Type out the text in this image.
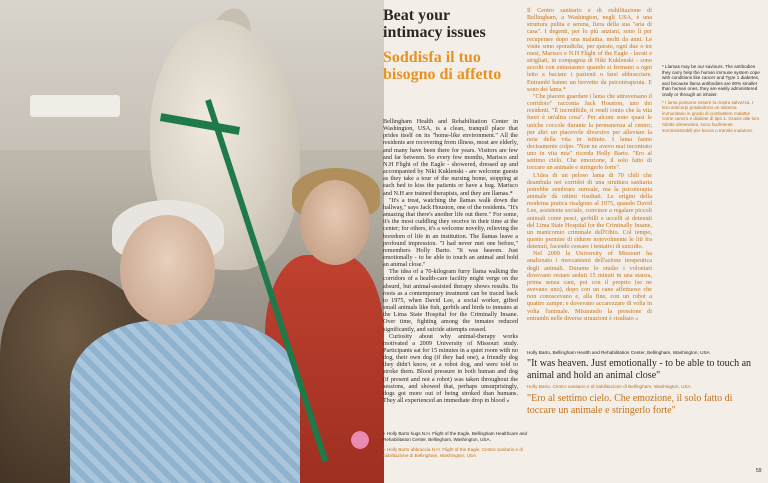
Beat your intimacy issues
Soddisfa il tuo bisogno di affetto

Bellingham Health and Rehabilitation Center in Washington, USA, is a clean, tranquil place that prides itself on its "home-like environment." All the residents are recovering from illness, most are elderly, and many have been there for years. Visitors are few and far between. So every few months, Marisco and N.H Flight of the Eagle - showered, dressed up and accompanied by Niki Kuklenski - are welcome guests as they take a tour of the nursing home, stopping at each bed to kiss the patients or have a hug. Marisco and N.H are trained therapists, and they are llamas.*

"It's a treat, watching the llamas walk down the hallway," says Jack Houston, one of the residents. "It's amazing that there's another life out there." For some, it's the most cuddling they receive in their time at the center; for others, it's a welcome novelty, relieving the boredom of life in an institution. The llamas leave a profound impression. "I had never met one before," remembers Holly Barto. "It was heaven. Just emotionally - to be able to touch an animal and hold an animal close."

The idea of a 70-kilogram furry llama walking the corridors of a health-care facility might verge on the absurd, but animal-assisted therapy shows results. Its roots as a contemporary treatment can be traced back to 1975, when David Lee, a social worker, gifted small animals like fish, gerbils and birds to inmates at the Lima State Hospital for the Criminally Insane. Over time, fighting among the inmates reduced significantly, and suicide attempts ceased.

Curiosity about why animal-therapy works motivated a 2009 University of Missouri study. Participants sat for 15 minutes in a quiet room with no dog, their own dog (if they had one), a friendly dog they didn't know, or a robot dog, and were told to stroke them. Blood pressure in both human and dog (if present and not a robot) was taken throughout the sessions, and showed that, perhaps unsurprisingly, dogs got more out of being stroked than humans. They all experienced an immediate drop in blood »

Il Centro sanitario e di riabilitazione di Bellingham, a Washington, negli USA, è una struttura pulita e serena, fiera della sua "aria di casa". I degenti, per lo più anziani, sono lì per recuperare dopo una malattia, molti da anni. Le visite sono sporadiche, per questo, ogni due o tre mesi, Marisco e N.H Flight of the Eagle - lavati e strigliati, in compagnia di Niki Kuklenski - sono accolti con entusiasmo quando si fermano a ogni letto a baciare i pazienti o farsi abbracciare. Entrambi hanno un brevetto da psicoterapeuta. E sono dei lama.*

"Che piacere guardare i lama che attraversano il corridoio" racconta Jack Houston, uno dei residenti. "È incredibile, ti rendi conto che la vita fuori è un'altra cosa". Per alcuni sono quasi le uniche coccole durante la permanenza al centro; per altri un piacevole diversivo per alleviare la noia della vita in istituto. I lama fanno decisamente colpo. "Non ne avevo mai incontrato uno in vita mia" ricorda Holly Barto. "Ero al settimo cielo. Che emozione, il solo fatto di toccare un animale e stringerlo forte".

L'idea di un peloso lama di 70 chili che deambula nei corridoi di una struttura sanitaria potrebbe sembrare surreale, ma la psicoterapia animale dà ottimi risultati. Le origini della moderna pratica risalgono al 1975, quando David Lee, assistente sociale, convinse a regalare piccoli animali come pesci, gerbilli e uccelli ai detenuti del Lima State Hospital for the Criminally Insane, un manicomio criminale dell'Ohio. Col tempo, questo permise di ridurre notevolmente le liti fra detenuti, facendo cessare i tentativi di suicidio.

Nel 2009 la University of Missouri ha analizzato i meccanismi dell'azione terapeutica degli animali. Durante lo studio i volontari dovevano restare seduti 15 minuti in una stanza, prima senza cani, poi con il proprio (se ne avevano uno), dopo con un cane affettuoso che non conoscevano e, alla fine, con un robot a quattro zampe; e dovevano accarezzare di volta in volta l'animale. Misurando la pressione di entrambi nelle diverse situazioni è risultato »

* Llamas may be our saviours. The antibodies they carry help the human immune system cope with conditions like cancer and Type 1 diabetes, and because llama antibodies are 90% smaller than human ones, they are easily administered orally or through an inhaler.
* I lama possono essere la nostra salvezza. I loro anticorpi possiedono un sistema immunitario in grado di combattere malattie come cancro e diabete di tipo 1. Grazie alle loro ridotte dimensioni, sono facilmente somministrabili per bocca o tramite inalatore.
Holly Barto, Bellingham Health and Rehabilitation Center, Bellingham, Washington, USA
"It was heaven. Just emotionally - to be able to touch an animal and hold an animal close"
Holly Barto, Centro sanitario e di riabilitazione di Bellingham, Washington, USA
"Ero al settimo cielo. Che emozione, il solo fatto di toccare un animale e stringerlo forte"
« Holly Barto hugs N.H. Flight of the Eagle, Bellingham Healthcare and Rehabilitation Center, Bellingham, Washington, USA.
« Holly Barto abbraccia N.H. Flight of the Eagle, Centro sanitario e di riabilitazione di Bellingham, Washington, USA.
59
